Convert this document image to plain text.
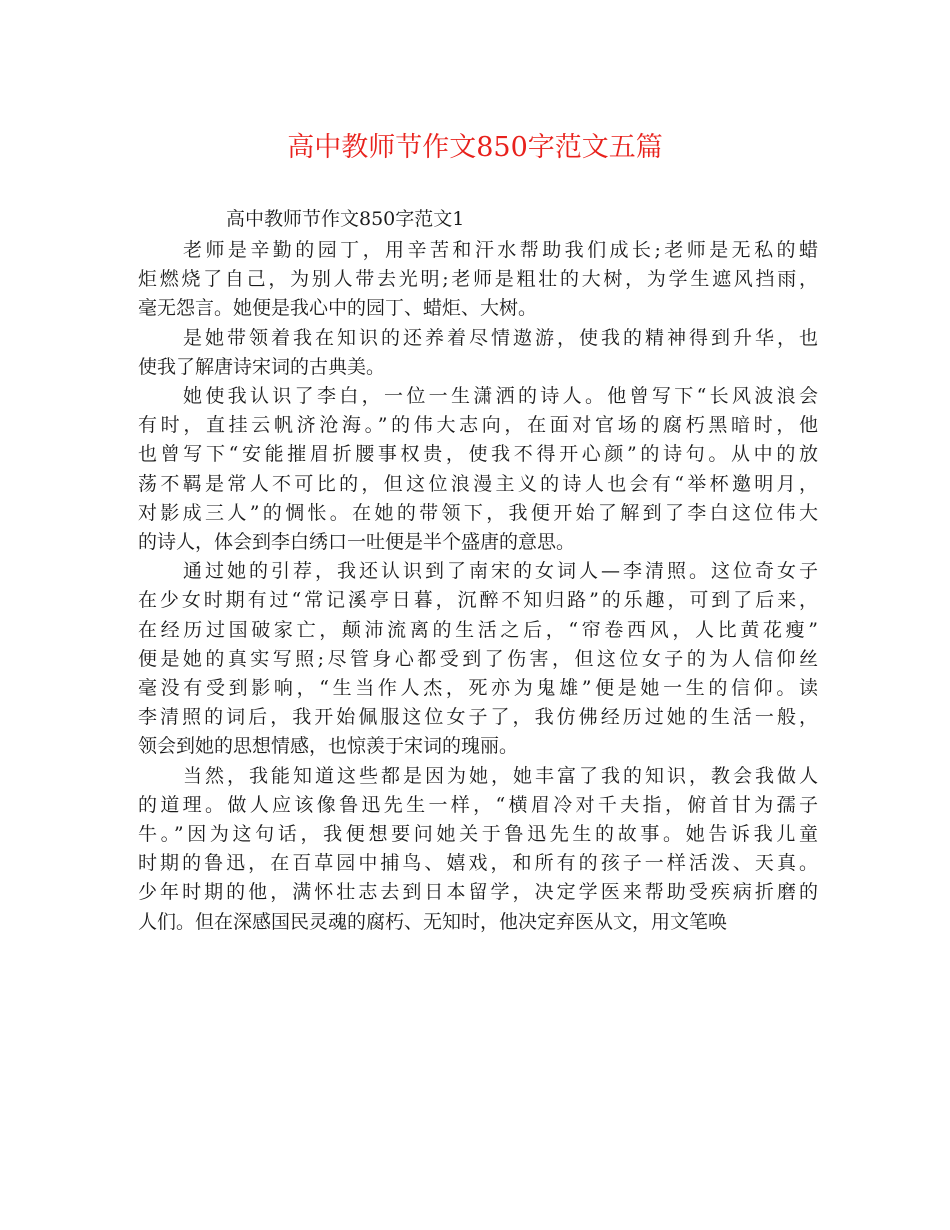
高中教师节作文850字范文五篇

高中教师节作文850字范文1

老师是辛勤的园丁，用辛苦和汗水帮助我们成长;老师是无私的蜡
炬燃烧了自己，为别人带去光明;老师是粗壮的大树，为学生遮风挡雨，
毫无怨言。她便是我心中的园丁、蜡炬、大树。
是她带领着我在知识的还养着尽情遨游，使我的精神得到升华，也
使我了解唐诗宋词的古典美。
她使我认识了李白，一位一生潇洒的诗人。他曾写下“长风波浪会
有时，直挂云帆济沧海。”的伟大志向，在面对官场的腐朽黑暗时，他
也曾写下“安能摧眉折腰事权贵，使我不得开心颜”的诗句。从中的放
荡不羁是常人不可比的，但这位浪漫主义的诗人也会有“举杯邀明月，
对影成三人”的惆怅。在她的带领下，我便开始了解到了李白这位伟大
的诗人，体会到李白绣口一吐便是半个盛唐的意思。
通过她的引荐，我还认识到了南宋的女词人—李清照。这位奇女子
在少女时期有过“常记溪亭日暮，沉醉不知归路”的乐趣，可到了后来，
在经历过国破家亡，颠沛流离的生活之后，“帘卷西风，人比黄花瘦”
便是她的真实写照;尽管身心都受到了伤害，但这位女子的为人信仰丝
毫没有受到影响，“生当作人杰，死亦为鬼雄”便是她一生的信仰。读
李清照的词后，我开始佩服这位女子了，我仿佛经历过她的生活一般，
领会到她的思想情感，也惊羡于宋词的瑰丽。
当然，我能知道这些都是因为她，她丰富了我的知识，教会我做人
的道理。做人应该像鲁迅先生一样，“横眉冷对千夫指，俯首甘为孺子
牛。”因为这句话，我便想要问她关于鲁迅先生的故事。她告诉我儿童
时期的鲁迅，在百草园中捕鸟、嬉戏，和所有的孩子一样活泼、天真。
少年时期的他，满怀壮志去到日本留学，决定学医来帮助受疾病折磨的
人们。但在深感国民灵魂的腐朽、无知时，他决定弃医从文，用文笔唤
